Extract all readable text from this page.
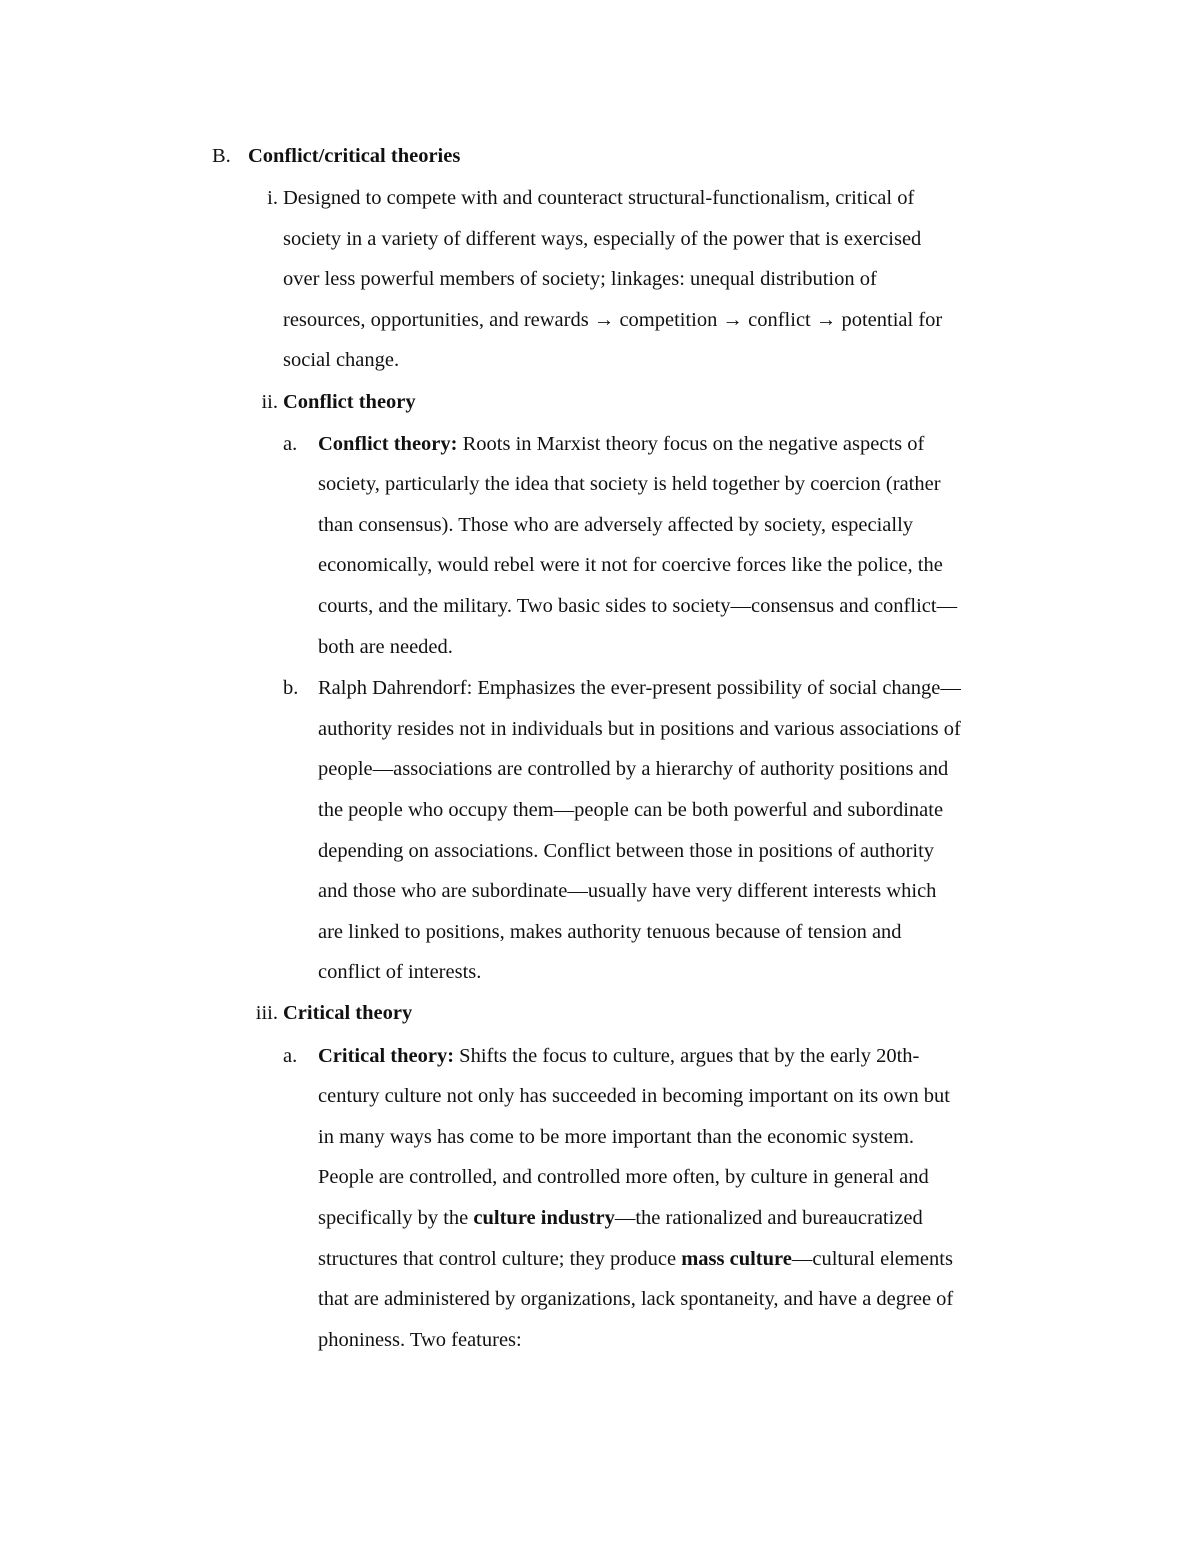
B. Conflict/critical theories
i. Designed to compete with and counteract structural-functionalism, critical of
society in a variety of different ways, especially of the power that is exercised
over less powerful members of society; linkages: unequal distribution of
resources, opportunities, and rewards → competition → conflict → potential for
social change.
ii. Conflict theory
a. Conflict theory: Roots in Marxist theory focus on the negative aspects of
society, particularly the idea that society is held together by coercion (rather
than consensus). Those who are adversely affected by society, especially
economically, would rebel were it not for coercive forces like the police, the
courts, and the military. Two basic sides to society—consensus and conflict—
both are needed.
b. Ralph Dahrendorf: Emphasizes the ever-present possibility of social change—
authority resides not in individuals but in positions and various associations of
people—associations are controlled by a hierarchy of authority positions and
the people who occupy them—people can be both powerful and subordinate
depending on associations. Conflict between those in positions of authority
and those who are subordinate—usually have very different interests which
are linked to positions, makes authority tenuous because of tension and
conflict of interests.
iii. Critical theory
a. Critical theory: Shifts the focus to culture, argues that by the early 20th-
century culture not only has succeeded in becoming important on its own but
in many ways has come to be more important than the economic system.
People are controlled, and controlled more often, by culture in general and
specifically by the culture industry—the rationalized and bureaucratized
structures that control culture; they produce mass culture—cultural elements
that are administered by organizations, lack spontaneity, and have a degree of
phoniness. Two features:
